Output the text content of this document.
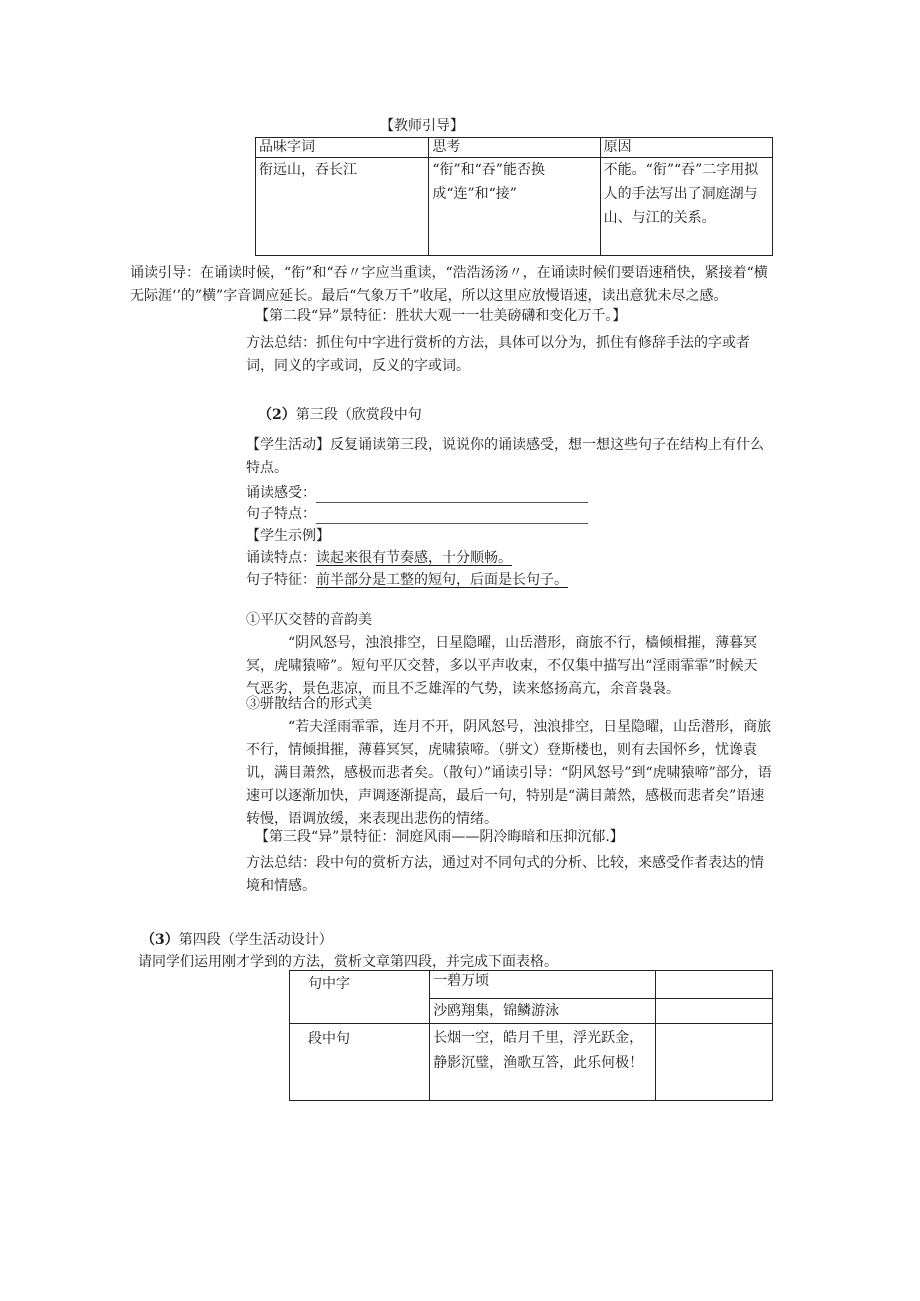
【教师引导】
品味字词	思考	原因
衔远山，吞长江	“衔”和“吞”能否换成“连”和“接”	不能。“衔”“吞”二字用拟人的手法写出了洞庭湖与山、与江的关系。
诵读引导：在诵读时候，“衔”和“吞〃字应当重读，“浩浩汤汤〃，在诵读时候们要语速稍快，紧接着“横无际涯‘’的”横”字音调应延长。最后“气象万千”收尾，所以这里应放慢语速，读出意犹未尽之感。
【第二段“异”景特征：胜状大观一一壮美磅礴和变化万千。】
方法总结：抓住句中字进行赏析的方法，具体可以分为，抓住有修辞手法的字或者词，同义的字或词，反义的字或词。
（2）第三段（欣赏段中句
【学生活动】反复诵读第三段，说说你的诵读感受，想一想这些句子在结构上有什么特点。
诵读感受：
句子特点：
【学生示例】
诵读特点：读起来很有节奏感，十分顺畅。
句子特征：前半部分是工整的短句，后面是长句子。
①平仄交替的音韵美
“阴风怒号，浊浪排空，日星隐曜，山岳潜形，商旅不行，樯倾楫摧，薄暮冥冥，虎啸猿啼”。短句平仄交替，多以平声收束，不仅集中描写出“淫雨霏霏”时候天气恶劣，景色悲凉，而且不乏雄浑的气势，读来悠扬高亢，余音袅袅。
③骈散结合的形式美
“若夫淫雨霏霏，连月不开，阴风怒号，浊浪排空，日星隐曜，山岳潜形，商旅不行，情倾揖摧，薄暮冥冥，虎啸猿啼。（骈文）登斯楼也，则有去国怀乡，忧谗袁讥，满目萧然，感极而悲者矣。（散句）”诵读引导：“阴风怒号”到“虎啸猿啼”部分，语速可以逐渐加快，声调逐渐提高，最后一句，特别是“满目萧然，感极而悲者矣”语速转慢，语调放缓，来表现出悲伤的情绪。
【第三段“异”景特征：洞庭风雨——阴冷晦暗和压抑沉郁.】
方法总结：段中句的赏析方法，通过对不同句式的分析、比较，来感受作者表达的情境和情感。
（3）第四段（学生活动设计）
请同学们运用刚才学到的方法，赏析文章第四段，并完成下面表格。
句中字	一碧万顷	
	沙鸥翔集，锦鳞游泳	
段中句	长烟一空，皓月千里，浮光跃金，静影沉璧，渔歌互答，此乐何极！	
